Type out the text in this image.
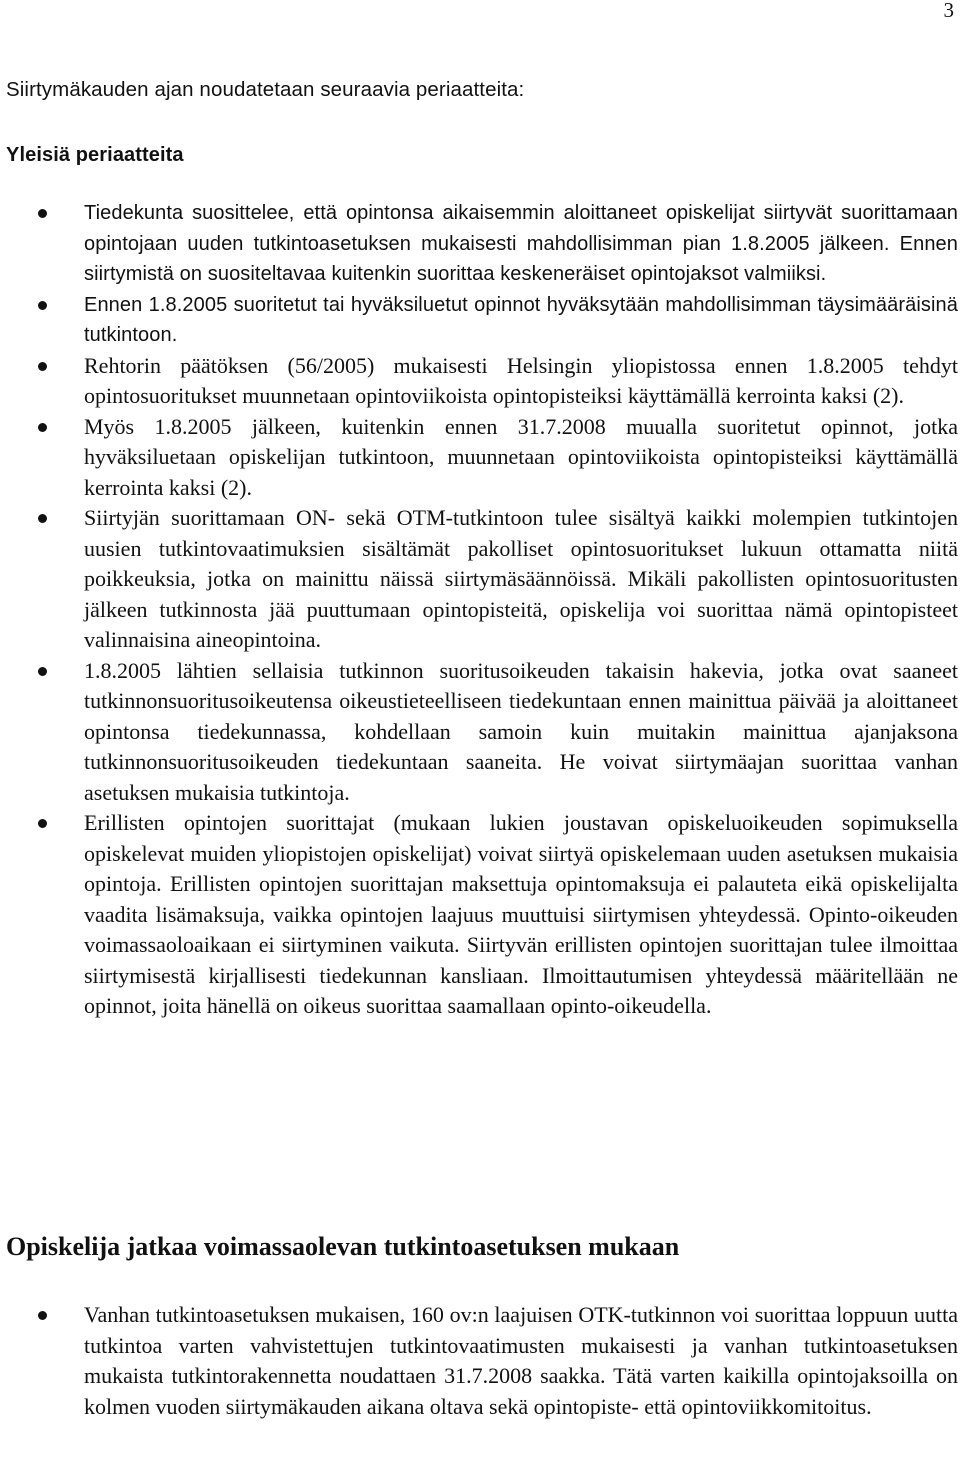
3

Siirtymäkauden ajan noudatetaan seuraavia periaatteita:

Yleisiä periaatteita
Tiedekunta suosittelee, että opintonsa aikaisemmin aloittaneet opiskelijat siirtyvät suorittamaan opintojaan uuden tutkintoasetuksen mukaisesti mahdollisimman pian 1.8.2005 jälkeen. Ennen siirtymistä on suositeltavaa kuitenkin suorittaa keskeneräiset opintojaksot valmiiksi.
Ennen 1.8.2005 suoritetut tai hyväksiluetut opinnot hyväksytään mahdollisimman täysimääräisinä tutkintoon.
Rehtorin päätöksen (56/2005) mukaisesti Helsingin yliopistossa ennen 1.8.2005 tehdyt opintosuoritukset muunnetaan opintoviikoista opintopisteiksi käyttämällä kerrointa kaksi (2).
Myös 1.8.2005 jälkeen, kuitenkin ennen 31.7.2008 muualla suoritetut opinnot, jotka hyväksiluetaan opiskelijan tutkintoon, muunnetaan opintoviikoista opintopisteiksi käyttämällä kerrointa kaksi (2).
Siirtyjän suorittamaan ON- sekä OTM-tutkintoon tulee sisältyä kaikki molempien tutkintojen uusien tutkintovaatimuksien sisältämät pakolliset opintosuoritukset lukuun ottamatta niitä poikkeuksia, jotka on mainittu näissä siirtymäsäännöissä. Mikäli pakollisten opintosuoritusten jälkeen tutkinnosta jää puuttumaan opintopisteitä, opiskelija voi suorittaa nämä opintopisteet valinnaisina aineopintoina.
1.8.2005 lähtien sellaisia tutkinnon suoritusoikeuden takaisin hakevia, jotka ovat saaneet tutkinnonsuoritusoikeutensa oikeustieteelliseen tiedekuntaan ennen mainittua päivää ja aloittaneet opintonsa tiedekunnassa, kohdellaan samoin kuin muitakin mainittua ajanjaksona tutkinnonsuoritusoikeuden tiedekuntaan saaneita. He voivat siirtymäajan suorittaa vanhan asetuksen mukaisia tutkintoja.
Erillisten opintojen suorittajat (mukaan lukien joustavan opiskeluoikeuden sopimuksella opiskelevat muiden yliopistojen opiskelijat) voivat siirtyä opiskelemaan uuden asetuksen mukaisia opintoja. Erillisten opintojen suorittajan maksettuja opintomaksuja ei palauteta eikä opiskelijalta vaadita lisämaksuja, vaikka opintojen laajuus muuttuisi siirtymisen yhteydessä. Opinto-oikeuden voimassaoloaikaan ei siirtyminen vaikuta. Siirtyvän erillisten opintojen suorittajan tulee ilmoittaa siirtymisestä kirjallisesti tiedekunnan kansliaan. Ilmoittautumisen yhteydessä määritellään ne opinnot, joita hänellä on oikeus suorittaa saamallaan opinto-oikeudella.
Opiskelija jatkaa voimassaolevan tutkintoasetuksen mukaan
Vanhan tutkintoasetuksen mukaisen, 160 ov:n laajuisen OTK-tutkinnon voi suorittaa loppuun uutta tutkintoa varten vahvistettujen tutkintovaatimusten mukaisesti ja vanhan tutkintoasetuksen mukaista tutkintorakennetta noudattaen 31.7.2008 saakka. Tätä varten kaikilla opintojaksoilla on kolmen vuoden siirtymäkauden aikana oltava sekä opintopiste- että opintoviikkomitoitus.
